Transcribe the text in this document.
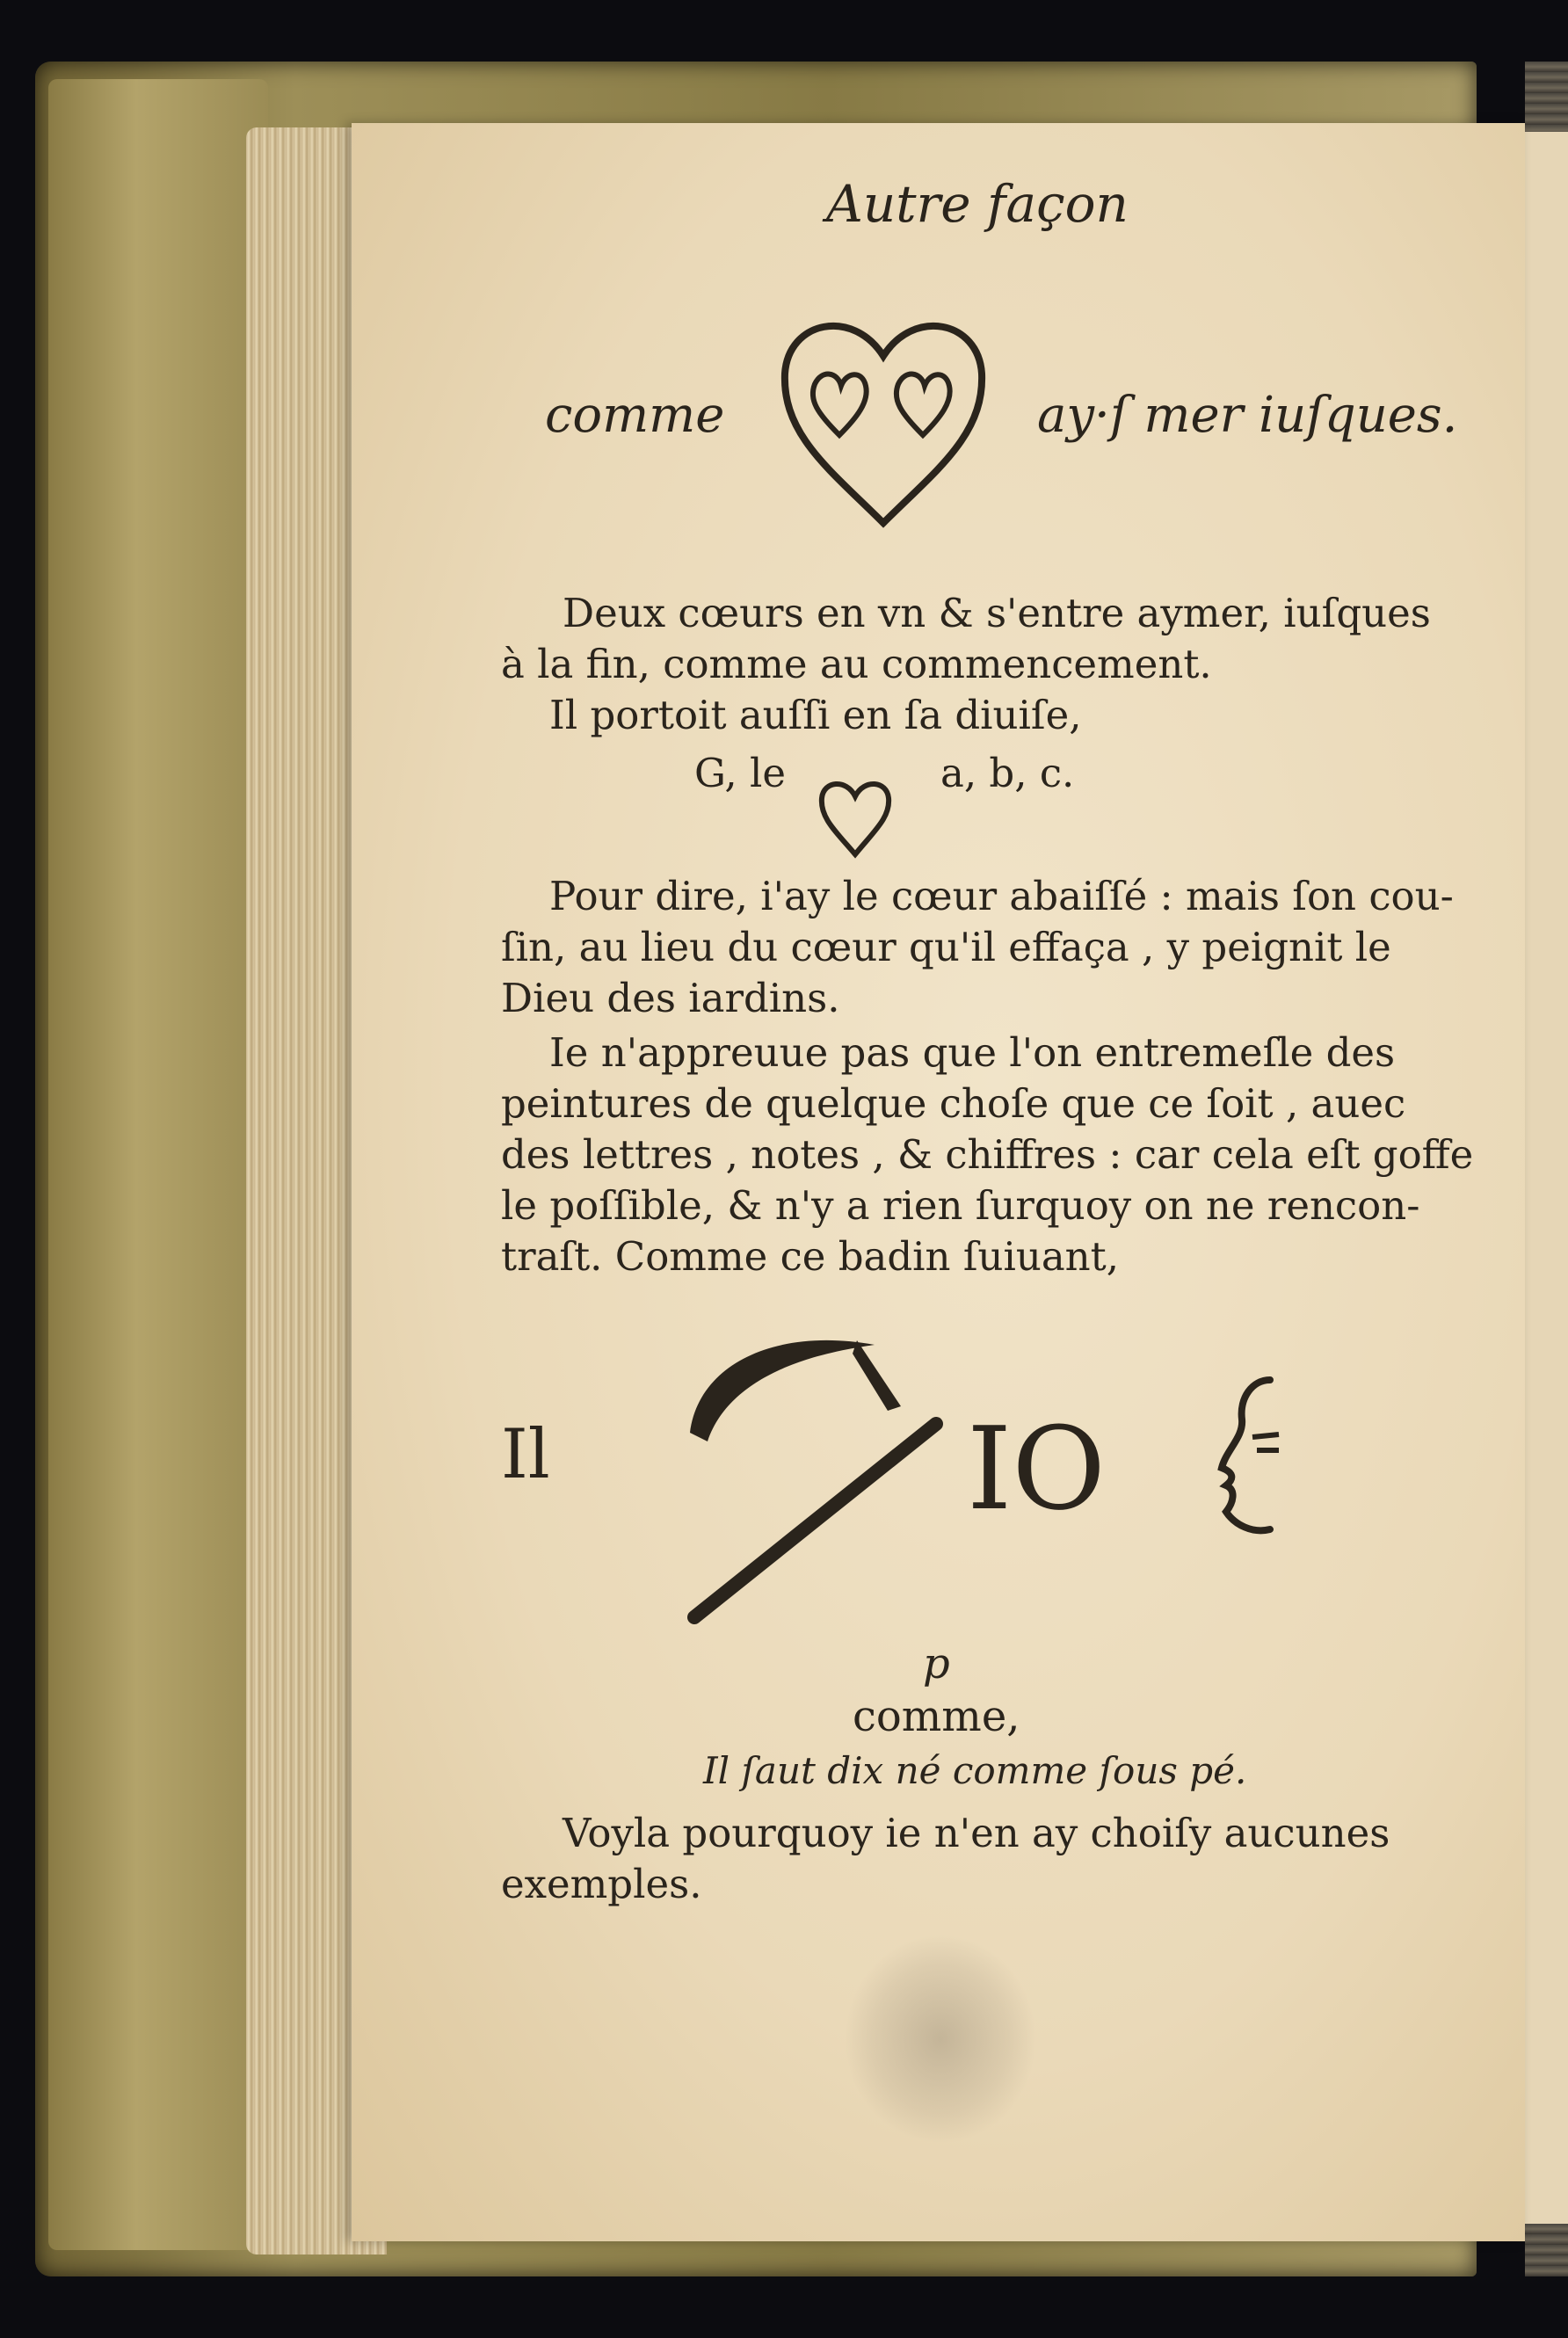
Autre façon
comme	ay·ſ mer iuſques.
Deux cœurs en vn & s'entre aymer, iuſques
à la fin, comme au commencement.
Il portoit auſſi en ſa diuiſe,
G, le	a, b, c.
Pour dire, i'ay le cœur abaiſſé : mais ſon cou-
ſin, au lieu du cœur qu'il effaça , y peignit le
Dieu des iardins.
Ie n'appreuue pas que l'on entremeſle des
peintures de quelque choſe que ce ſoit , auec
des lettres , notes , & chiffres : car cela eſt goffe
le poſſible, & n'y a rien ſurquoy on ne rencon-
traſt. Comme ce badin ſuiuant,
Il	IO
p
comme,
Il ſaut dix né comme ſous pé.
Voyla pourquoy ie n'en ay choiſy aucunes
exemples.
